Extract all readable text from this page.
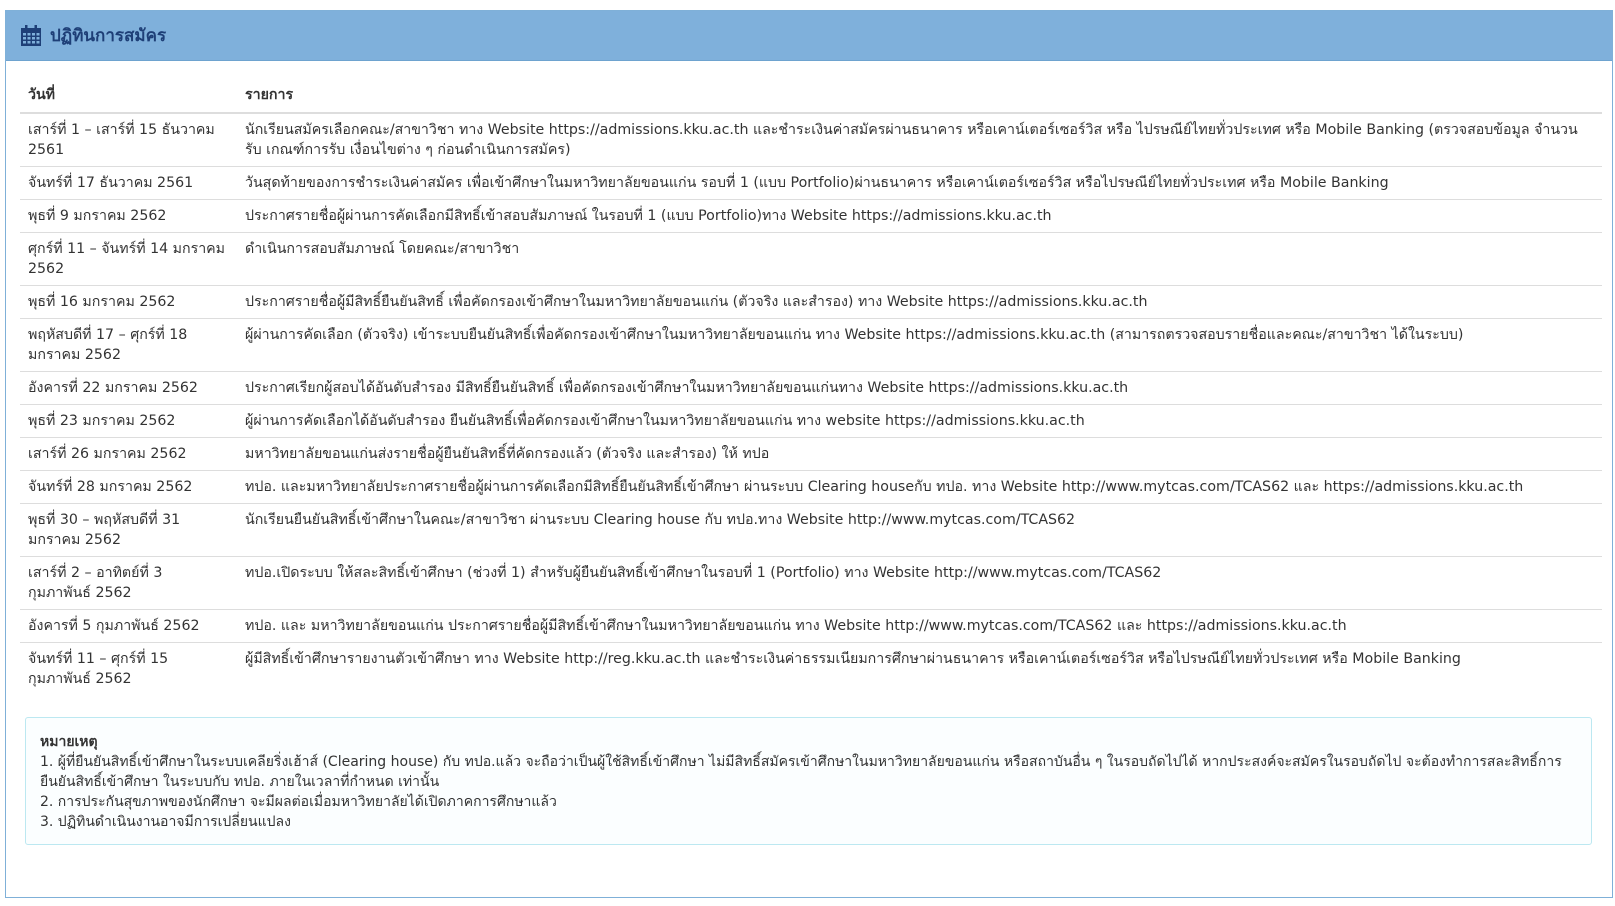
ปฏิทินการสมัคร
วันที่	รายการ
เสาร์ที่ 1 – เสาร์ที่ 15 ธันวาคม 2561	นักเรียนสมัครเลือกคณะ/สาขาวิชา ทาง Website https://admissions.kku.ac.th และชำระเงินค่าสมัครผ่านธนาคาร หรือเคาน์เตอร์เซอร์วิส หรือ ไปรษณีย์ไทยทั่วประเทศ หรือ Mobile Banking (ตรวจสอบข้อมูล จำนวนรับ เกณฑ์การรับ เงื่อนไขต่าง ๆ ก่อนดำเนินการสมัคร)
จันทร์ที่ 17 ธันวาคม 2561	วันสุดท้ายของการชำระเงินค่าสมัคร เพื่อเข้าศึกษาในมหาวิทยาลัยขอนแก่น รอบที่ 1 (แบบ Portfolio)ผ่านธนาคาร หรือเคาน์เตอร์เซอร์วิส หรือไปรษณีย์ไทยทั่วประเทศ หรือ Mobile Banking
พุธที่ 9 มกราคม 2562	ประกาศรายชื่อผู้ผ่านการคัดเลือกมีสิทธิ์เข้าสอบสัมภาษณ์ ในรอบที่ 1 (แบบ Portfolio)ทาง Website https://admissions.kku.ac.th
ศุกร์ที่ 11 – จันทร์ที่ 14 มกราคม 2562	ดำเนินการสอบสัมภาษณ์ โดยคณะ/สาขาวิชา
พุธที่ 16 มกราคม 2562	ประกาศรายชื่อผู้มีสิทธิ์ยืนยันสิทธิ์ เพื่อคัดกรองเข้าศึกษาในมหาวิทยาลัยขอนแก่น (ตัวจริง และสำรอง) ทาง Website https://admissions.kku.ac.th
พฤหัสบดีที่ 17 – ศุกร์ที่ 18 มกราคม 2562	ผู้ผ่านการคัดเลือก (ตัวจริง) เข้าระบบยืนยันสิทธิ์เพื่อคัดกรองเข้าศึกษาในมหาวิทยาลัยขอนแก่น ทาง Website https://admissions.kku.ac.th (สามารถตรวจสอบรายชื่อและคณะ/สาขาวิชา ได้ในระบบ)
อังคารที่ 22 มกราคม 2562	ประกาศเรียกผู้สอบได้อันดับสำรอง มีสิทธิ์ยืนยันสิทธิ์ เพื่อคัดกรองเข้าศึกษาในมหาวิทยาลัยขอนแก่นทาง Website https://admissions.kku.ac.th
พุธที่ 23 มกราคม 2562	ผู้ผ่านการคัดเลือกได้อันดับสำรอง ยืนยันสิทธิ์เพื่อคัดกรองเข้าศึกษาในมหาวิทยาลัยขอนแก่น ทาง website https://admissions.kku.ac.th
เสาร์ที่ 26 มกราคม 2562	มหาวิทยาลัยขอนแก่นส่งรายชื่อผู้ยืนยันสิทธิ์ที่คัดกรองแล้ว (ตัวจริง และสำรอง) ให้ ทปอ
จันทร์ที่ 28 มกราคม 2562	ทปอ. และมหาวิทยาลัยประกาศรายชื่อผู้ผ่านการคัดเลือกมีสิทธิ์ยืนยันสิทธิ์เข้าศึกษา ผ่านระบบ Clearing houseกับ ทปอ. ทาง Website http://www.mytcas.com/TCAS62 และ https://admissions.kku.ac.th
พุธที่ 30 – พฤหัสบดีที่ 31 มกราคม 2562	นักเรียนยืนยันสิทธิ์เข้าศึกษาในคณะ/สาขาวิชา ผ่านระบบ Clearing house กับ ทปอ.ทาง Website http://www.mytcas.com/TCAS62
เสาร์ที่ 2 – อาทิตย์ที่ 3 กุมภาพันธ์ 2562	ทปอ.เปิดระบบ ให้สละสิทธิ์เข้าศึกษา (ช่วงที่ 1) สำหรับผู้ยืนยันสิทธิ์เข้าศึกษาในรอบที่ 1 (Portfolio) ทาง Website http://www.mytcas.com/TCAS62
อังคารที่ 5 กุมภาพันธ์ 2562	ทปอ. และ มหาวิทยาลัยขอนแก่น ประกาศรายชื่อผู้มีสิทธิ์เข้าศึกษาในมหาวิทยาลัยขอนแก่น ทาง Website http://www.mytcas.com/TCAS62 และ https://admissions.kku.ac.th
จันทร์ที่ 11 – ศุกร์ที่ 15 กุมภาพันธ์ 2562	ผู้มีสิทธิ์เข้าศึกษารายงานตัวเข้าศึกษา ทาง Website http://reg.kku.ac.th และชำระเงินค่าธรรมเนียมการศึกษาผ่านธนาคาร หรือเคาน์เตอร์เซอร์วิส หรือไปรษณีย์ไทยทั่วประเทศ หรือ Mobile Banking
หมายเหตุ
1. ผู้ที่ยืนยันสิทธิ์เข้าศึกษาในระบบเคลียริ่งเฮ้าส์ (Clearing house) กับ ทปอ.แล้ว จะถือว่าเป็นผู้ใช้สิทธิ์เข้าศึกษา ไม่มีสิทธิ์สมัครเข้าศึกษาในมหาวิทยาลัยขอนแก่น หรือสถาบันอื่น ๆ ในรอบถัดไปได้ หากประสงค์จะสมัครในรอบถัดไป จะต้องทำการสละสิทธิ์การยืนยันสิทธิ์เข้าศึกษา ในระบบกับ ทปอ. ภายในเวลาที่กำหนด เท่านั้น
2. การประกันสุขภาพของนักศึกษา จะมีผลต่อเมื่อมหาวิทยาลัยได้เปิดภาคการศึกษาแล้ว
3. ปฏิทินดำเนินงานอาจมีการเปลี่ยนแปลง
